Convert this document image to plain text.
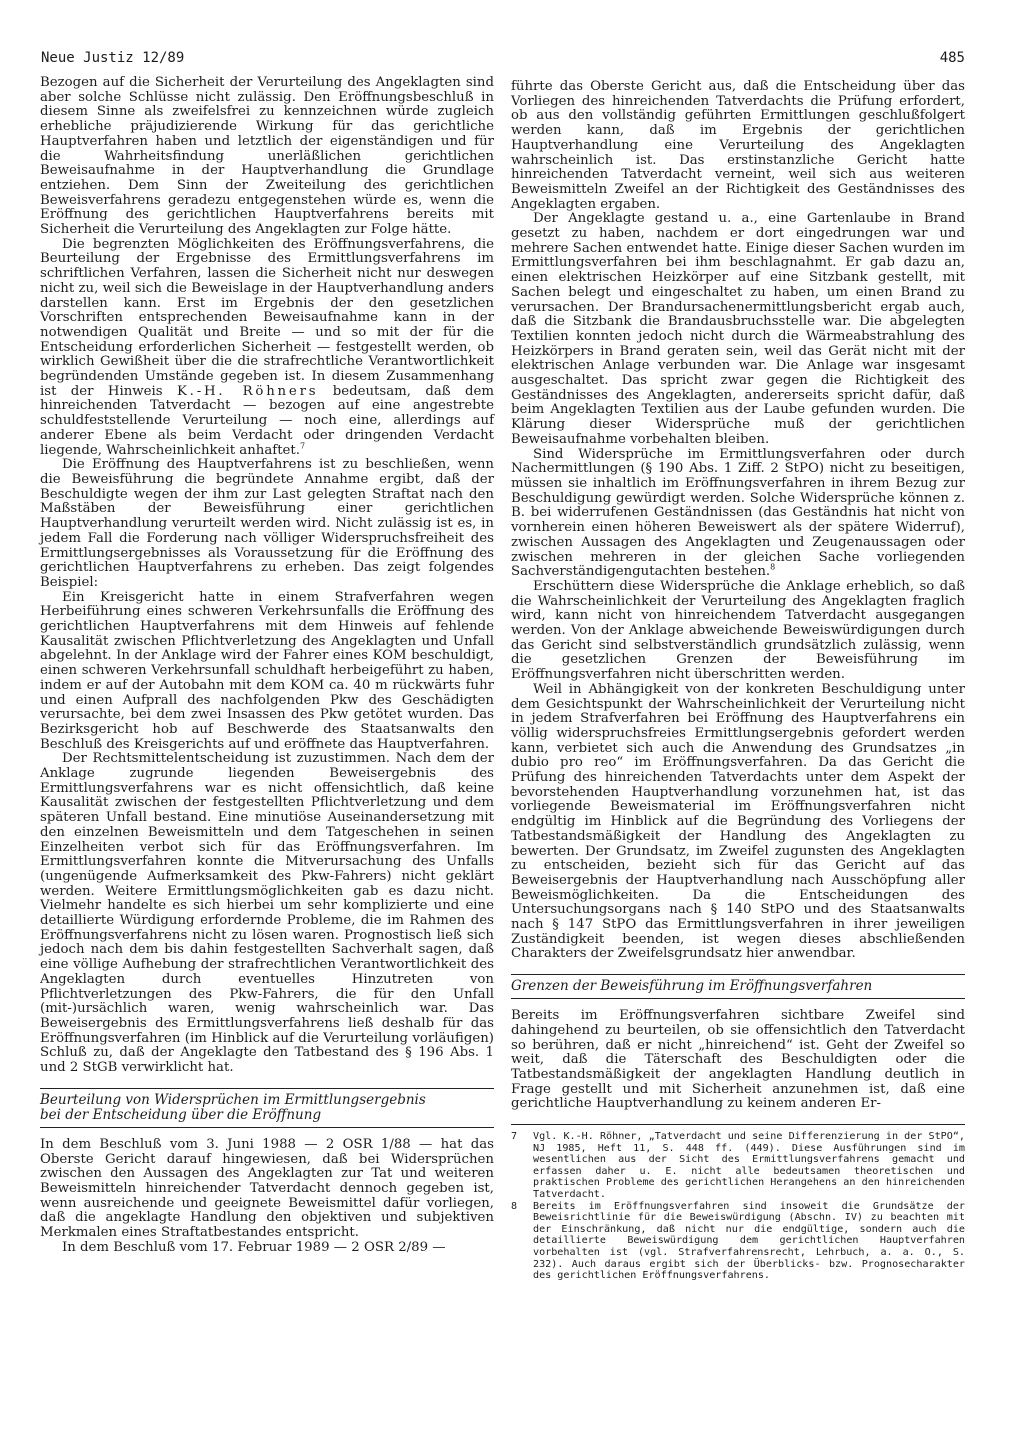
Neue Justiz 12/89	485

Bezogen auf die Sicherheit der Verurteilung des Angeklagten sind aber solche Schlüsse nicht zulässig. Den Eröffnungsbeschluß in diesem Sinne als zweifelsfrei zu kennzeichnen würde zugleich erhebliche präjudizierende Wirkung für das gerichtliche Hauptverfahren haben und letztlich der eigenständigen und für die Wahrheitsfindung unerläßlichen gerichtlichen Beweisaufnahme in der Hauptverhandlung die Grundlage entziehen. Dem Sinn der Zweiteilung des gerichtlichen Beweisverfahrens geradezu entgegenstehen würde es, wenn die Eröffnung des gerichtlichen Hauptverfahrens bereits mit Sicherheit die Verurteilung des Angeklagten zur Folge hätte.

Die begrenzten Möglichkeiten des Eröffnungsverfahrens, die Beurteilung der Ergebnisse des Ermittlungsverfahrens im schriftlichen Verfahren, lassen die Sicherheit nicht nur deswegen nicht zu, weil sich die Beweislage in der Hauptverhandlung anders darstellen kann. Erst im Ergebnis der den gesetzlichen Vorschriften entsprechenden Beweisaufnahme kann in der notwendigen Qualität und Breite — und so mit der für die Entscheidung erforderlichen Sicherheit — festgestellt werden, ob wirklich Gewißheit über die die strafrechtliche Verantwortlichkeit begründenden Umstände gegeben ist. In diesem Zusammenhang ist der Hinweis K.-H. Röhners bedeutsam, daß dem hinreichenden Tatverdacht — bezogen auf eine angestrebte schuldfeststellende Verurteilung — noch eine, allerdings auf anderer Ebene als beim Verdacht oder dringenden Verdacht liegende, Wahrscheinlichkeit anhaftet.$^7$

Die Eröffnung des Hauptverfahrens ist zu beschließen, wenn die Beweisführung die begründete Annahme ergibt, daß der Beschuldigte wegen der ihm zur Last gelegten Straftat nach den Maßstäben der Beweisführung einer gerichtlichen Hauptverhandlung verurteilt werden wird. Nicht zulässig ist es, in jedem Fall die Forderung nach völliger Widerspruchsfreiheit des Ermittlungsergebnisses als Voraussetzung für die Eröffnung des gerichtlichen Hauptverfahrens zu erheben. Das zeigt folgendes Beispiel:

Ein Kreisgericht hatte in einem Strafverfahren wegen Herbeiführung eines schweren Verkehrsunfalls die Eröffnung des gerichtlichen Hauptverfahrens mit dem Hinweis auf fehlende Kausalität zwischen Pflichtverletzung des Angeklagten und Unfall abgelehnt. In der Anklage wird der Fahrer eines KOM beschuldigt, einen schweren Verkehrsunfall schuldhaft herbeigeführt zu haben, indem er auf der Autobahn mit dem KOM ca. 40 m rückwärts fuhr und einen Aufprall des nachfolgenden Pkw des Geschädigten verursachte, bei dem zwei Insassen des Pkw getötet wurden. Das Bezirksgericht hob auf Beschwerde des Staatsanwalts den Beschluß des Kreisgerichts auf und eröffnete das Hauptverfahren.

Der Rechtsmittelentscheidung ist zuzustimmen. Nach dem der Anklage zugrunde liegenden Beweisergebnis des Ermittlungsverfahrens war es nicht offensichtlich, daß keine Kausalität zwischen der festgestellten Pflichtverletzung und dem späteren Unfall bestand. Eine minutiöse Auseinandersetzung mit den einzelnen Beweismitteln und dem Tatgeschehen in seinen Einzelheiten verbot sich für das Eröffnungsverfahren. Im Ermittlungsverfahren konnte die Mitverursachung des Unfalls (ungenügende Aufmerksamkeit des Pkw-Fahrers) nicht geklärt werden. Weitere Ermittlungsmöglichkeiten gab es dazu nicht. Vielmehr handelte es sich hierbei um sehr komplizierte und eine detaillierte Würdigung erfordernde Probleme, die im Rahmen des Eröffnungsverfahrens nicht zu lösen waren. Prognostisch ließ sich jedoch nach dem bis dahin festgestellten Sachverhalt sagen, daß eine völlige Aufhebung der strafrechtlichen Verantwortlichkeit des Angeklagten durch eventuelles Hinzutreten von Pflichtverletzungen des Pkw-Fahrers, die für den Unfall (mit-)ursächlich waren, wenig wahrscheinlich war. Das Beweisergebnis des Ermittlungsverfahrens ließ deshalb für das Eröffnungsverfahren (im Hinblick auf die Verurteilung vorläufigen) Schluß zu, daß der Angeklagte den Tatbestand des § 196 Abs. 1 und 2 StGB verwirklicht hat.

Beurteilung von Widersprüchen im Ermittlungsergebnis
bei der Entscheidung über die Eröffnung

In dem Beschluß vom 3. Juni 1988 — 2 OSR 1/88 — hat das Oberste Gericht darauf hingewiesen, daß bei Widersprüchen zwischen den Aussagen des Angeklagten zur Tat und weiteren Beweismitteln hinreichender Tatverdacht dennoch gegeben ist, wenn ausreichende und geeignete Beweismittel dafür vorliegen, daß die angeklagte Handlung den objektiven und subjektiven Merkmalen eines Straftatbestandes entspricht.

In dem Beschluß vom 17. Februar 1989 — 2 OSR 2/89 —

führte das Oberste Gericht aus, daß die Entscheidung über das Vorliegen des hinreichenden Tatverdachts die Prüfung erfordert, ob aus den vollständig geführten Ermittlungen geschlußfolgert werden kann, daß im Ergebnis der gerichtlichen Hauptverhandlung eine Verurteilung des Angeklagten wahrscheinlich ist. Das erstinstanzliche Gericht hatte hinreichenden Tatverdacht verneint, weil sich aus weiteren Beweismitteln Zweifel an der Richtigkeit des Geständnisses des Angeklagten ergaben.

Der Angeklagte gestand u. a., eine Gartenlaube in Brand gesetzt zu haben, nachdem er dort eingedrungen war und mehrere Sachen entwendet hatte. Einige dieser Sachen wurden im Ermittlungsverfahren bei ihm beschlagnahmt. Er gab dazu an, einen elektrischen Heizkörper auf eine Sitzbank gestellt, mit Sachen belegt und eingeschaltet zu haben, um einen Brand zu verursachen. Der Brandursachenermittlungsbericht ergab auch, daß die Sitzbank die Brandausbruchsstelle war. Die abgelegten Textilien konnten jedoch nicht durch die Wärmeabstrahlung des Heizkörpers in Brand geraten sein, weil das Gerät nicht mit der elektrischen Anlage verbunden war. Die Anlage war insgesamt ausgeschaltet. Das spricht zwar gegen die Richtigkeit des Geständnisses des Angeklagten, andererseits spricht dafür, daß beim Angeklagten Textilien aus der Laube gefunden wurden. Die Klärung dieser Widersprüche muß der gerichtlichen Beweisaufnahme vorbehalten bleiben.

Sind Widersprüche im Ermittlungsverfahren oder durch Nachermittlungen (§ 190 Abs. 1 Ziff. 2 StPO) nicht zu beseitigen, müssen sie inhaltlich im Eröffnungsverfahren in ihrem Bezug zur Beschuldigung gewürdigt werden. Solche Widersprüche können z. B. bei widerrufenen Geständnissen (das Geständnis hat nicht von vornherein einen höheren Beweiswert als der spätere Widerruf), zwischen Aussagen des Angeklagten und Zeugenaussagen oder zwischen mehreren in der gleichen Sache vorliegenden Sachverständigengutachten bestehen.$^8$

Erschüttern diese Widersprüche die Anklage erheblich, so daß die Wahrscheinlichkeit der Verurteilung des Angeklagten fraglich wird, kann nicht von hinreichendem Tatverdacht ausgegangen werden. Von der Anklage abweichende Beweiswürdigungen durch das Gericht sind selbstverständlich grundsätzlich zulässig, wenn die gesetzlichen Grenzen der Beweisführung im Eröffnungsverfahren nicht überschritten werden.

Weil in Abhängigkeit von der konkreten Beschuldigung unter dem Gesichtspunkt der Wahrscheinlichkeit der Verurteilung nicht in jedem Strafverfahren bei Eröffnung des Hauptverfahrens ein völlig widerspruchsfreies Ermittlungsergebnis gefordert werden kann, verbietet sich auch die Anwendung des Grundsatzes „in dubio pro reo“ im Eröffnungsverfahren. Da das Gericht die Prüfung des hinreichenden Tatverdachts unter dem Aspekt der bevorstehenden Hauptverhandlung vorzunehmen hat, ist das vorliegende Beweismaterial im Eröffnungsverfahren nicht endgültig im Hinblick auf die Begründung des Vorliegens der Tatbestandsmäßigkeit der Handlung des Angeklagten zu bewerten. Der Grundsatz, im Zweifel zugunsten des Angeklagten zu entscheiden, bezieht sich für das Gericht auf das Beweisergebnis der Hauptverhandlung nach Ausschöpfung aller Beweismöglichkeiten. Da die Entscheidungen des Untersuchungsorgans nach § 140 StPO und des Staatsanwalts nach § 147 StPO das Ermittlungsverfahren in ihrer jeweiligen Zuständigkeit beenden, ist wegen dieses abschließenden Charakters der Zweifelsgrundsatz hier anwendbar.

Grenzen der Beweisführung im Eröffnungsverfahren

Bereits im Eröffnungsverfahren sichtbare Zweifel sind dahingehend zu beurteilen, ob sie offensichtlich den Tatverdacht so berühren, daß er nicht „hinreichend“ ist. Geht der Zweifel so weit, daß die Täterschaft des Beschuldigten oder die Tatbestandsmäßigkeit der angeklagten Handlung deutlich in Frage gestellt und mit Sicherheit anzunehmen ist, daß eine gerichtliche Hauptverhandlung zu keinem anderen Er-

7	Vgl. K.-H. Röhner, „Tatverdacht und seine Differenzierung in der StPO“, NJ 1985, Heft 11, S. 448 ff. (449). Diese Ausführungen sind im wesentlichen aus der Sicht des Ermittlungsverfahrens gemacht und erfassen daher u. E. nicht alle bedeutsamen theoretischen und praktischen Probleme des gerichtlichen Herangehens an den hinreichenden Tatverdacht.
8	Bereits im Eröffnungsverfahren sind insoweit die Grundsätze der Beweisrichtlinie für die Beweiswürdigung (Abschn. IV) zu beachten mit der Einschränkung, daß nicht nur die endgültige, sondern auch die detaillierte Beweiswürdigung dem gerichtlichen Hauptverfahren vorbehalten ist (vgl. Strafverfahrensrecht, Lehrbuch, a. a. O., S. 232). Auch daraus ergibt sich der Überblicks- bzw. Prognosecharakter des gerichtlichen Eröffnungsverfahrens.
